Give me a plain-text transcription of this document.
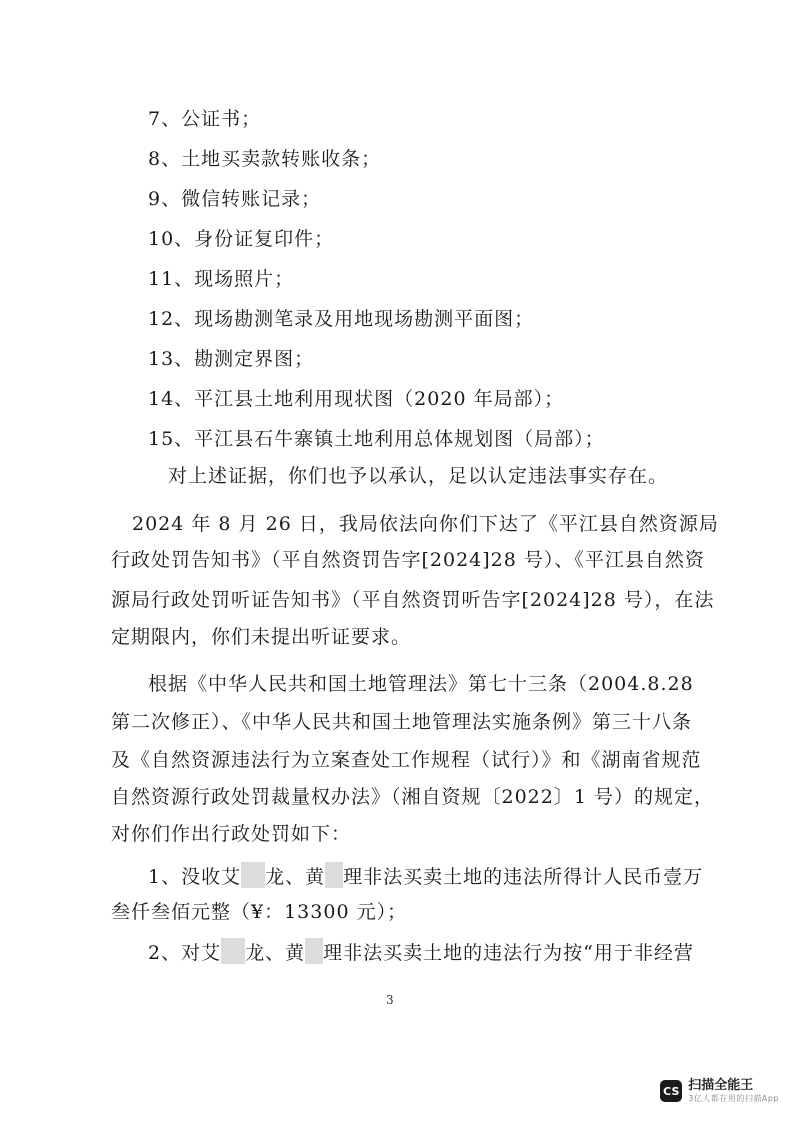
7、公证书；
8、土地买卖款转账收条；
9、微信转账记录；
10、身份证复印件；
11、现场照片；
12、现场勘测笔录及用地现场勘测平面图；
13、勘测定界图；
14、平江县土地利用现状图（2020 年局部）；
15、平江县石牛寨镇土地利用总体规划图（局部）；
对上述证据，你们也予以承认，足以认定违法事实存在。
2024 年 8 月 26 日，我局依法向你们下达了《平江县自然资源局
行政处罚告知书》（平自然资罚告字[2024]28 号）、《平江县自然资
源局行政处罚听证告知书》（平自然资罚听告字[2024]28 号），在法
定期限内，你们未提出听证要求。
根据《中华人民共和国土地管理法》第七十三条（2004.8.28
第二次修正）、《中华人民共和国土地管理法实施条例》第三十八条
及《自然资源违法行为立案查处工作规程（试行）》和《湖南省规范
自然资源行政处罚裁量权办法》（湘自资规〔2022〕1 号）的规定，
对你们作出行政处罚如下：
1、没收艾 龙、黄 理非法买卖土地的违法所得计人民币壹万
叁仟叁佰元整（¥：13300 元）；
2、对艾 龙、黄 理非法买卖土地的违法行为按“用于非经营
3
CS 扫描全能王
3亿人都在用的扫描App
